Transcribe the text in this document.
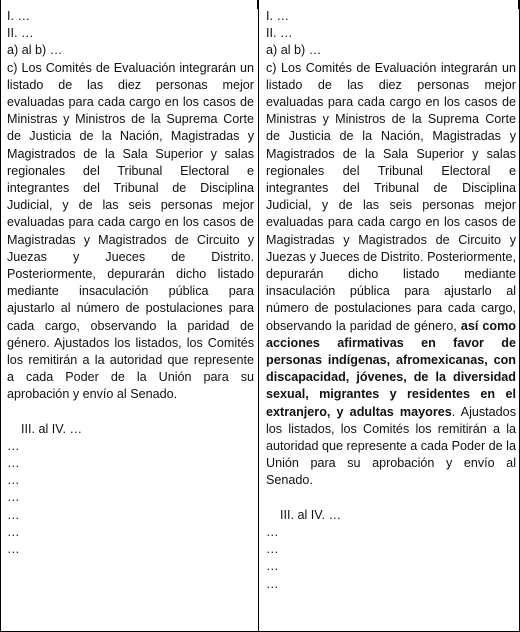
I. …

II. …

a) al b) …

c) Los Comités de Evaluación integrarán un listado de las diez personas mejor evaluadas para cada cargo en los casos de Ministras y Ministros de la Suprema Corte de Justicia de la Nación, Magistradas y Magistrados de la Sala Superior y salas regionales del Tribunal Electoral e integrantes del Tribunal de Disciplina Judicial, y de las seis personas mejor evaluadas para cada cargo en los casos de Magistradas y Magistrados de Circuito y Juezas y Jueces de Distrito. Posteriormente, depurarán dicho listado mediante insaculación pública para ajustarlo al número de postulaciones para cada cargo, observando la paridad de género. Ajustados los listados, los Comités los remitirán a la autoridad que represente a cada Poder de la Unión para su aprobación y envío al Senado.

III. al IV. …

…

…

…

…

…

…

…

I. …

II. …

a) al b) …

c) Los Comités de Evaluación integrarán un listado de las diez personas mejor evaluadas para cada cargo en los casos de Ministras y Ministros de la Suprema Corte de Justicia de la Nación, Magistradas y Magistrados de la Sala Superior y salas regionales del Tribunal Electoral e integrantes del Tribunal de Disciplina Judicial, y de las seis personas mejor evaluadas para cada cargo en los casos de Magistradas y Magistrados de Circuito y Juezas y Jueces de Distrito. Posteriormente, depurarán dicho listado mediante insaculación pública para ajustarlo al número de postulaciones para cada cargo, observando la paridad de género, así como acciones afirmativas en favor de personas indígenas, afromexicanas, con discapacidad, jóvenes, de la diversidad sexual, migrantes y residentes en el extranjero, y adultas mayores. Ajustados los listados, los Comités los remitirán a la autoridad que represente a cada Poder de la Unión para su aprobación y envío al Senado.

III. al IV. …

…

…

…

…
